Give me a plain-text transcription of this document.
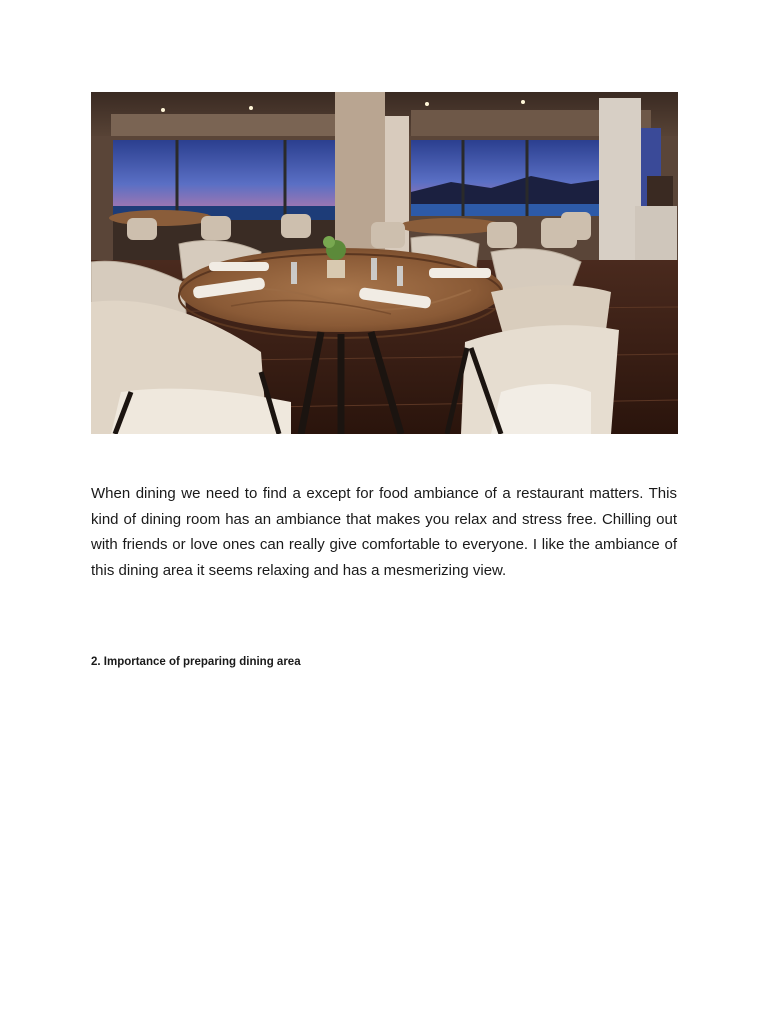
When dining we need to find a except for food ambiance of a restaurant matters. This kind of dining room has an ambiance that makes you relax and stress free. Chilling out with friends or love ones can really give comfortable to everyone. I like the ambiance of this dining area it seems relaxing and has a mesmerizing view.

2. Importance of preparing dining area
